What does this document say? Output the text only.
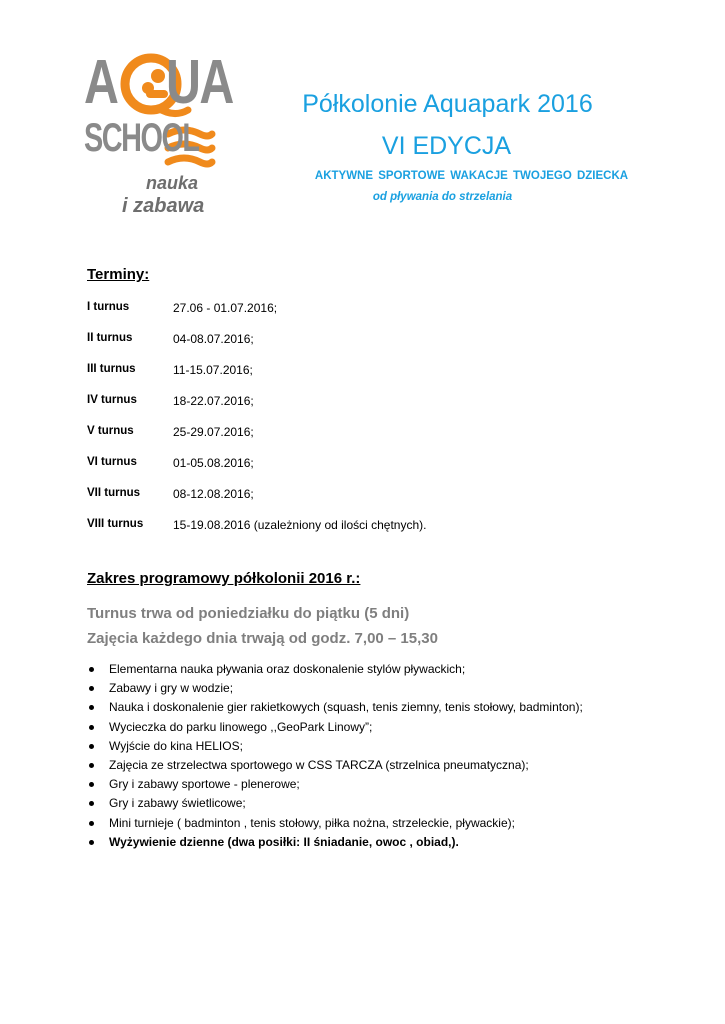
A UA
SCHOOL
nauka
i zabawa
Półkolonie Aquapark 2016
VI EDYCJA
AKTYWNE SPORTOWE WAKACJE TWOJEGO DZIECKA
od pływania do strzelania
Terminy:
I turnus	27.06 - 01.07.2016;
II turnus	04-08.07.2016;
III turnus	11-15.07.2016;
IV turnus	18-22.07.2016;
V turnus	25-29.07.2016;
VI turnus	01-05.08.2016;
VII turnus	08-12.08.2016;
VIII turnus 15-19.08.2016 (uzależniony od ilości chętnych).
Zakres programowy półkolonii 2016 r.:
Turnus trwa od poniedziałku do piątku (5 dni)
Zajęcia każdego dnia trwają od godz. 7,00 – 15,30
Elementarna nauka pływania oraz doskonalenie stylów pływackich;
Zabawy i gry w wodzie;
Nauka i doskonalenie gier rakietkowych (squash, tenis ziemny, tenis stołowy, badminton);
Wycieczka do parku linowego ,,GeoPark Linowy”;
Wyjście do kina HELIOS;
Zajęcia ze strzelectwa sportowego w CSS TARCZA (strzelnica pneumatyczna);
Gry i zabawy sportowe - plenerowe;
Gry i zabawy świetlicowe;
Mini turnieje ( badminton , tenis stołowy, piłka nożna, strzeleckie, pływackie);
Wyżywienie dzienne (dwa posiłki: II śniadanie, owoc , obiad,).
